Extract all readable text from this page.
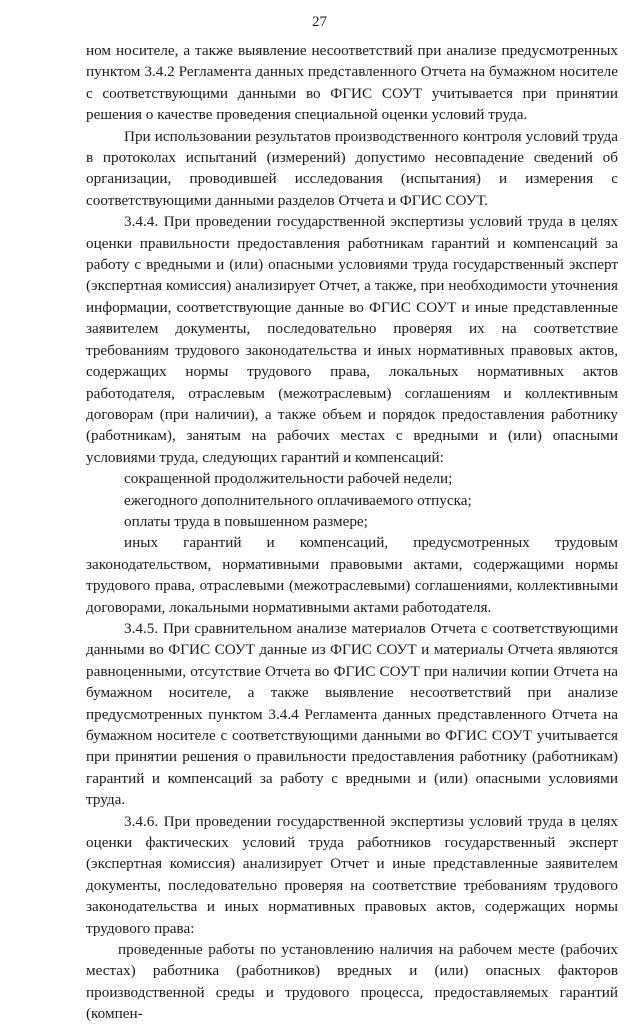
27

ном носителе, а также выявление несоответствий при анализе предусмотренных пунктом 3.4.2 Регламента данных представленного Отчета на бумажном носителе с соответствующими данными во ФГИС СОУТ учитывается при принятии решения о качестве проведения специальной оценки условий труда.

При использовании результатов производственного контроля условий труда в протоколах испытаний (измерений) допустимо несовпадение сведений об организации, проводившей исследования (испытания) и измерения с соответствующими данными разделов Отчета и ФГИС СОУТ.

3.4.4. При проведении государственной экспертизы условий труда в целях оценки правильности предоставления работникам гарантий и компенсаций за работу с вредными и (или) опасными условиями труда государственный эксперт (экспертная комиссия) анализирует Отчет, а также, при необходимости уточнения информации, соответствующие данные во ФГИС СОУТ и иные представленные заявителем документы, последовательно проверяя их на соответствие требованиям трудового законодательства и иных нормативных правовых актов, содержащих нормы трудового права, локальных нормативных актов работодателя, отраслевым (межотраслевым) соглашениям и коллективным договорам (при наличии), а также объем и порядок предоставления работнику (работникам), занятым на рабочих местах с вредными и (или) опасными условиями труда, следующих гарантий и компенсаций:

сокращенной продолжительности рабочей недели;

ежегодного дополнительного оплачиваемого отпуска;

оплаты труда в повышенном размере;

иных гарантий и компенсаций, предусмотренных трудовым законодательством, нормативными правовыми актами, содержащими нормы трудового права, отраслевыми (межотраслевыми) соглашениями, коллективными договорами, локальными нормативными актами работодателя.

3.4.5. При сравнительном анализе материалов Отчета с соответствующими данными во ФГИС СОУТ данные из ФГИС СОУТ и материалы Отчета являются равноценными, отсутствие Отчета во ФГИС СОУТ при наличии копии Отчета на бумажном носителе, а также выявление несоответствий при анализе предусмотренных пунктом 3.4.4 Регламента данных представленного Отчета на бумажном носителе с соответствующими данными во ФГИС СОУТ учитывается при принятии решения о правильности предоставления работнику (работникам) гарантий и компенсаций за работу с вредными и (или) опасными условиями труда.

3.4.6. При проведении государственной экспертизы условий труда в целях оценки фактических условий труда работников государственный эксперт (экспертная комиссия) анализирует Отчет и иные представленные заявителем документы, последовательно проверяя на соответствие требованиям трудового законодательства и иных нормативных правовых актов, содержащих нормы трудового права:

проведенные работы по установлению наличия на рабочем месте (рабочих местах) работника (работников) вредных и (или) опасных факторов производственной среды и трудового процесса, предоставляемых гарантий (компен-
